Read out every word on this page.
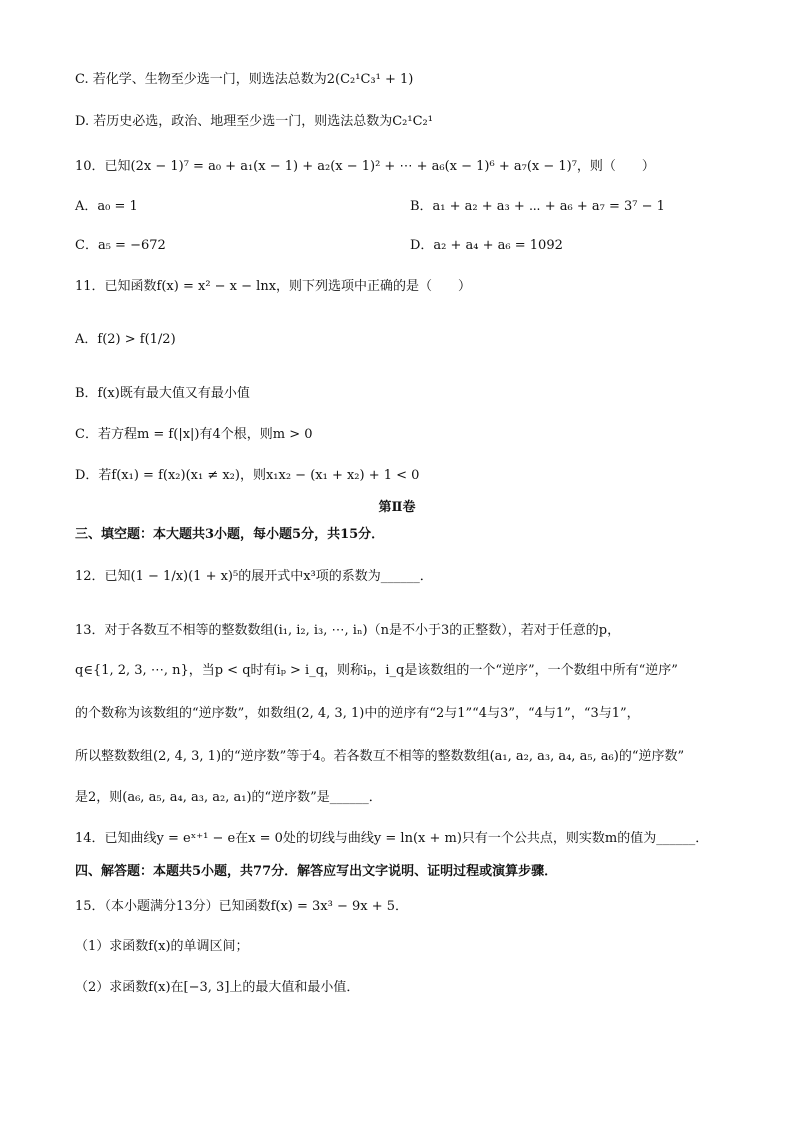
C. 若化学、生物至少选一门，则选法总数为2(C₂¹C₃¹ + 1)
D. 若历史必选，政治、地理至少选一门，则选法总数为C₂¹C₂¹
10．已知(2x − 1)⁷ = a₀ + a₁(x − 1) + a₂(x − 1)² + ⋯ + a₆(x − 1)⁶ + a₇(x − 1)⁷，则（　　）
A．a₀ = 1	B．a₁ + a₂ + a₃ + ⋯ + a₆ + a₇ = 3⁷ − 1
C．a₅ = −672	D．a₂ + a₄ + a₆ = 1092
11．已知函数f(x) = x² − x − lnx，则下列选项中正确的是（　　）
A．f(2) > f(1/2)
B．f(x)既有最大值又有最小值
C．若方程m = f(|x|)有4个根，则m > 0
D．若f(x₁) = f(x₂)(x₁ ≠ x₂)，则x₁x₂ − (x₁ + x₂) + 1 < 0
第Ⅱ卷
三、填空题：本大题共3小题，每小题5分，共15分．
12．已知(1 − 1/x)(1 + x)⁵的展开式中x³项的系数为______．
13．对于各数互不相等的整数数组(i₁, i₂, i₃, ⋯, iₙ)（n是不小于3的正整数），若对于任意的p，
q∈{1, 2, 3, ⋯, n}，当p < q时有iₚ > i_q，则称iₚ，i_q是该数组的一个“逆序”，一个数组中所有“逆序”
的个数称为该数组的“逆序数”，如数组(2, 4, 3, 1)中的逆序有“2与1”“4与3”，“4与1”，“3与1”，
所以整数数组(2, 4, 3, 1)的“逆序数”等于4。若各数互不相等的整数数组(a₁, a₂, a₃, a₄, a₅, a₆)的“逆序数”
是2，则(a₆, a₅, a₄, a₃, a₂, a₁)的“逆序数”是______．
14．已知曲线y = eˣ⁺¹ − e在x = 0处的切线与曲线y = ln(x + m)只有一个公共点，则实数m的值为______．
四、解答题：本题共5小题，共77分．解答应写出文字说明、证明过程或演算步骤．
15．（本小题满分13分）已知函数f(x) = 3x³ − 9x + 5．
（1）求函数f(x)的单调区间；
（2）求函数f(x)在[−3, 3]上的最大值和最小值．
